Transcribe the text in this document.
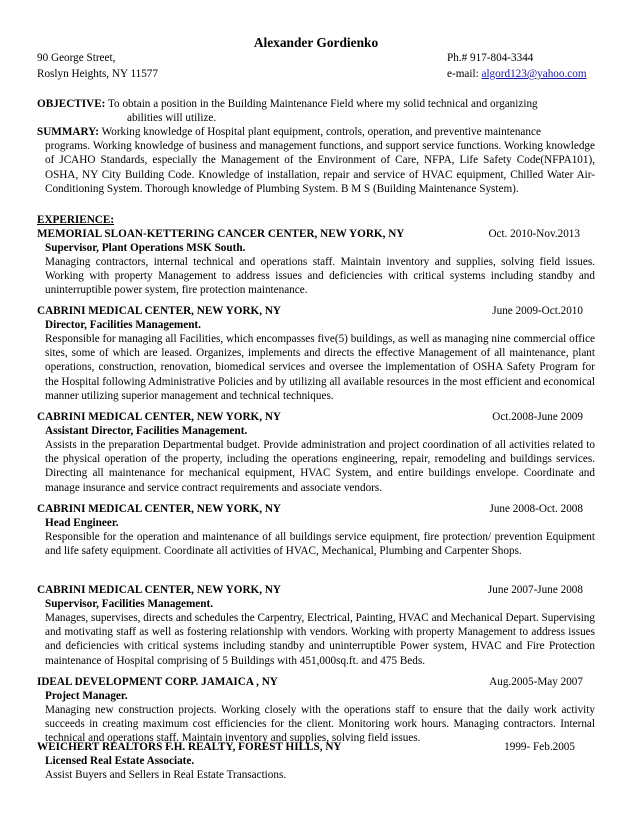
Alexander Gordienko
90 George Street,	Ph.# 917-804-3344
Roslyn Heights, NY 11577	e-mail: algord123@yahoo.com
OBJECTIVE: To obtain a position in the Building Maintenance Field where my solid technical and organizing
abilities will utilize.
SUMMARY: Working knowledge of Hospital plant equipment, controls, operation, and preventive maintenance
programs. Working knowledge of business and management functions, and support service functions. Working knowledge of JCAHO Standards, especially the Management of the Environment of Care, NFPA, Life Safety Code(NFPA101), OSHA, NY City Building Code. Knowledge of installation, repair and service of HVAC equipment, Chilled Water Air-Conditioning System. Thorough knowledge of Plumbing System. B M S (Building Maintenance System).
EXPERIENCE:
MEMORIAL SLOAN-KETTERING CANCER CENTER, NEW YORK, NY	Oct. 2010-Nov.2013
Supervisor, Plant Operations MSK South.
Managing contractors, internal technical and operations staff. Maintain inventory and supplies, solving field issues. Working with property Management to address issues and deficiencies with critical systems including standby and uninterruptible power system, fire protection maintenance.
CABRINI MEDICAL CENTER, NEW YORK, NY	June 2009-Oct.2010
Director, Facilities Management.
Responsible for managing all Facilities, which encompasses five(5) buildings, as well as managing nine commercial office sites, some of which are leased. Organizes, implements and directs the effective Management of all maintenance, plant operations, construction, renovation, biomedical services and oversee the implementation of OSHA Safety Program for the Hospital following Administrative Policies and by utilizing all available resources in the most efficient and economical manner utilizing superior management and technical techniques.
CABRINI MEDICAL CENTER, NEW YORK, NY	Oct.2008-June 2009
Assistant Director, Facilities Management.
Assists in the preparation Departmental budget. Provide administration and project coordination of all activities related to the physical operation of the property, including the operations engineering, repair, remodeling and buildings services. Directing all maintenance for mechanical equipment, HVAC System, and entire buildings envelope. Coordinate and manage insurance and service contract requirements and associate vendors.
CABRINI MEDICAL CENTER, NEW YORK, NY	June 2008-Oct. 2008
Head Engineer.
Responsible for the operation and maintenance of all buildings service equipment, fire protection/ prevention Equipment and life safety equipment. Coordinate all activities of HVAC, Mechanical, Plumbing and Carpenter Shops.
CABRINI MEDICAL CENTER, NEW YORK, NY	June 2007-June 2008
Supervisor, Facilities Management.
Manages, supervises, directs and schedules the Carpentry, Electrical, Painting, HVAC and Mechanical Depart. Supervising and motivating staff as well as fostering relationship with vendors. Working with property Management to address issues and deficiencies with critical systems including standby and uninterruptible Power system, HVAC and Fire Protection maintenance of Hospital comprising of 5 Buildings with 451,000sq.ft. and 475 Beds.
IDEAL DEVELOPMENT CORP. JAMAICA , NY	Aug.2005-May 2007
Project Manager.
Managing new construction projects. Working closely with the operations staff to ensure that the daily work activity succeeds in creating maximum cost efficiencies for the client. Monitoring work hours. Managing contractors. Internal technical and operations staff. Maintain inventory and supplies, solving field issues.
WEICHERT REALTORS F.H. REALTY, FOREST HILLS, NY	1999- Feb.2005
Licensed Real Estate Associate.
Assist Buyers and Sellers in Real Estate Transactions.
